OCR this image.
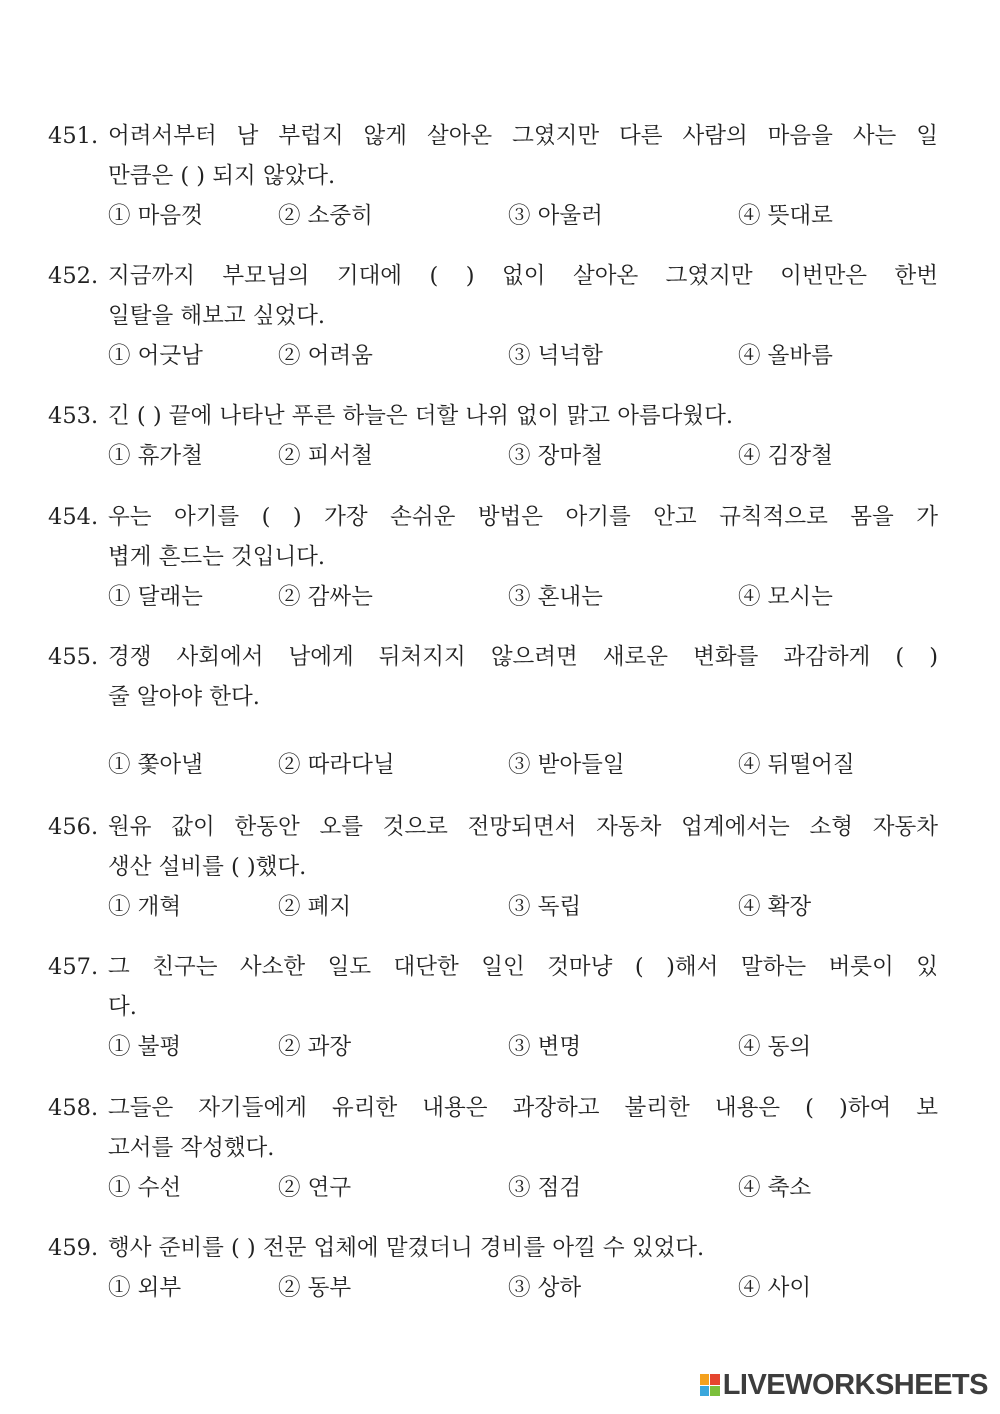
451. 어려서부터 남 부럽지 않게 살아온 그였지만 다른 사람의 마음을 사는 일
만큼은 ( ) 되지 않았다.
① 마음껏	② 소중히	③ 아울러	④ 뜻대로
452. 지금까지 부모님의 기대에 ( ) 없이 살아온 그였지만 이번만은 한번
일탈을 해보고 싶었다.
① 어긋남	② 어려움	③ 넉넉함	④ 올바름
453. 긴 ( ) 끝에 나타난 푸른 하늘은 더할 나위 없이 맑고 아름다웠다.
① 휴가철	② 피서철	③ 장마철	④ 김장철
454. 우는 아기를 ( ) 가장 손쉬운 방법은 아기를 안고 규칙적으로 몸을 가
볍게 흔드는 것입니다.
① 달래는	② 감싸는	③ 혼내는	④ 모시는
455. 경쟁 사회에서 남에게 뒤처지지 않으려면 새로운 변화를 과감하게 ( )
줄 알아야 한다.
① 쫓아낼	② 따라다닐	③ 받아들일	④ 뒤떨어질
456. 원유 값이 한동안 오를 것으로 전망되면서 자동차 업계에서는 소형 자동차
생산 설비를 ( )했다.
① 개혁	② 폐지	③ 독립	④ 확장
457. 그 친구는 사소한 일도 대단한 일인 것마냥 ( )해서 말하는 버릇이 있
다.
① 불평	② 과장	③ 변명	④ 동의
458. 그들은 자기들에게 유리한 내용은 과장하고 불리한 내용은 ( )하여 보
고서를 작성했다.
① 수선	② 연구	③ 점검	④ 축소
459. 행사 준비를 ( ) 전문 업체에 맡겼더니 경비를 아낄 수 있었다.
① 외부	② 동부	③ 상하	④ 사이
LIVEWORKSHEETS
